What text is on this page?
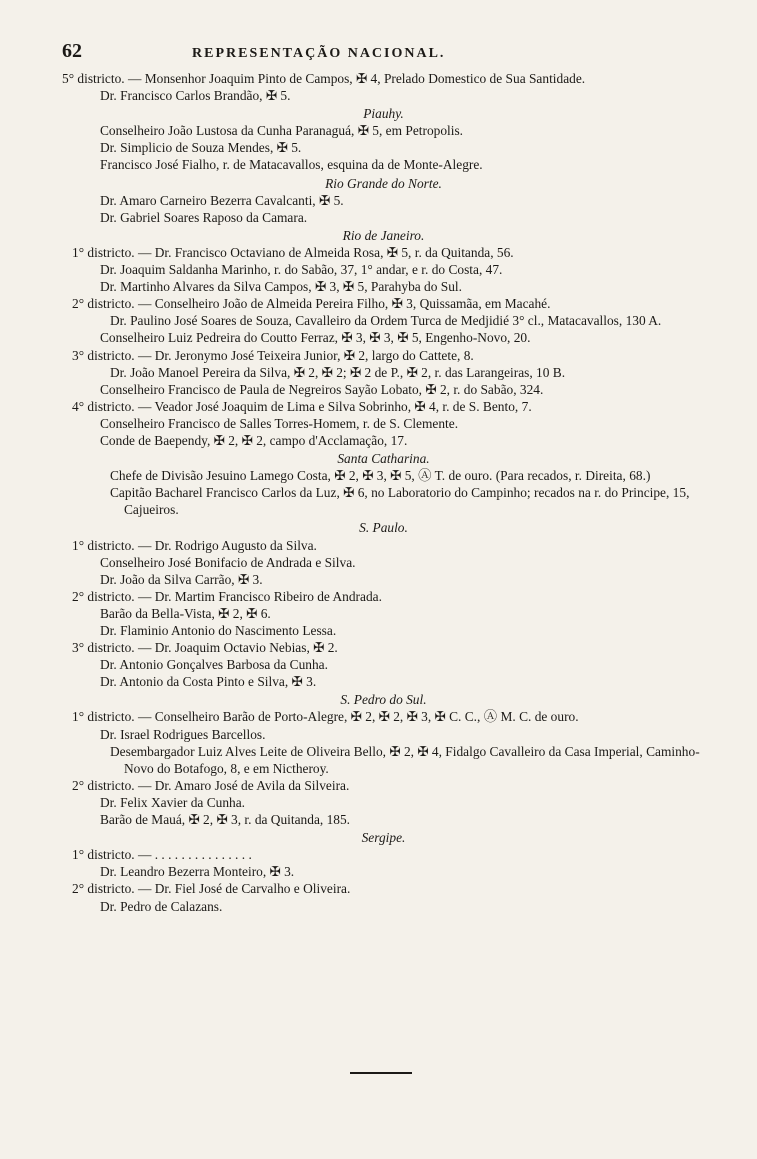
62	REPRESENTAÇÃO NACIONAL.

5° districto. — Monsenhor Joaquim Pinto de Campos, ✠ 4, Prelado Domestico de Sua Santidade.

Dr. Francisco Carlos Brandão, ✠ 5.

Piauhy.

Conselheiro João Lustosa da Cunha Paranaguá, ✠ 5, em Petropolis.

Dr. Simplicio de Souza Mendes, ✠ 5.

Francisco José Fialho, r. de Matacavallos, esquina da de Monte-Alegre.

Rio Grande do Norte.

Dr. Amaro Carneiro Bezerra Cavalcanti, ✠ 5.

Dr. Gabriel Soares Raposo da Camara.

Rio de Janeiro.

1° districto. — Dr. Francisco Octaviano de Almeida Rosa, ✠ 5, r. da Quitanda, 56.

Dr. Joaquim Saldanha Marinho, r. do Sabão, 37, 1° andar, e r. do Costa, 47.

Dr. Martinho Alvares da Silva Campos, ✠ 3, ✠ 5, Parahyba do Sul.

2° districto. — Conselheiro João de Almeida Pereira Filho, ✠ 3, Quissamãa, em Macahé.

Dr. Paulino José Soares de Souza, Cavalleiro da Ordem Turca de Medjidié 3° cl., Matacavallos, 130 A.

Conselheiro Luiz Pedreira do Coutto Ferraz, ✠ 3, ✠ 3, ✠ 5, Engenho-Novo, 20.

3° districto. — Dr. Jeronymo José Teixeira Junior, ✠ 2, largo do Cattete, 8.

Dr. João Manoel Pereira da Silva, ✠ 2, ✠ 2; ✠ 2 de P., ✠ 2, r. das Larangeiras, 10 B.

Conselheiro Francisco de Paula de Negreiros Sayão Lobato, ✠ 2, r. do Sabão, 324.

4° districto. — Veador José Joaquim de Lima e Silva Sobrinho, ✠ 4, r. de S. Bento, 7.

Conselheiro Francisco de Salles Torres-Homem, r. de S. Clemente.

Conde de Baependy, ✠ 2, ✠ 2, campo d'Acclamação, 17.

Santa Catharina.

Chefe de Divisão Jesuino Lamego Costa, ✠ 2, ✠ 3, ✠ 5, Ⓐ T. de ouro. (Para recados, r. Direita, 68.)

Capitão Bacharel Francisco Carlos da Luz, ✠ 6, no Laboratorio do Campinho; recados na r. do Principe, 15, Cajueiros.

S. Paulo.

1° districto. — Dr. Rodrigo Augusto da Silva.

Conselheiro José Bonifacio de Andrada e Silva.

Dr. João da Silva Carrão, ✠ 3.

2° districto. — Dr. Martim Francisco Ribeiro de Andrada.

Barão da Bella-Vista, ✠ 2, ✠ 6.

Dr. Flaminio Antonio do Nascimento Lessa.

3° districto. — Dr. Joaquim Octavio Nebias, ✠ 2.

Dr. Antonio Gonçalves Barbosa da Cunha.

Dr. Antonio da Costa Pinto e Silva, ✠ 3.

S. Pedro do Sul.

1° districto. — Conselheiro Barão de Porto-Alegre, ✠ 2, ✠ 2, ✠ 3, ✠ C. C., Ⓐ M. C. de ouro.

Dr. Israel Rodrigues Barcellos.

Desembargador Luiz Alves Leite de Oliveira Bello, ✠ 2, ✠ 4, Fidalgo Cavalleiro da Casa Imperial, Caminho-Novo do Botafogo, 8, e em Nictheroy.

2° districto. — Dr. Amaro José de Avila da Silveira.

Dr. Felix Xavier da Cunha.

Barão de Mauá, ✠ 2, ✠ 3, r. da Quitanda, 185.

Sergipe.

1° districto. — . . . . . . . . . . . . . . .

Dr. Leandro Bezerra Monteiro, ✠ 3.

2° districto. — Dr. Fiel José de Carvalho e Oliveira.

Dr. Pedro de Calazans.
